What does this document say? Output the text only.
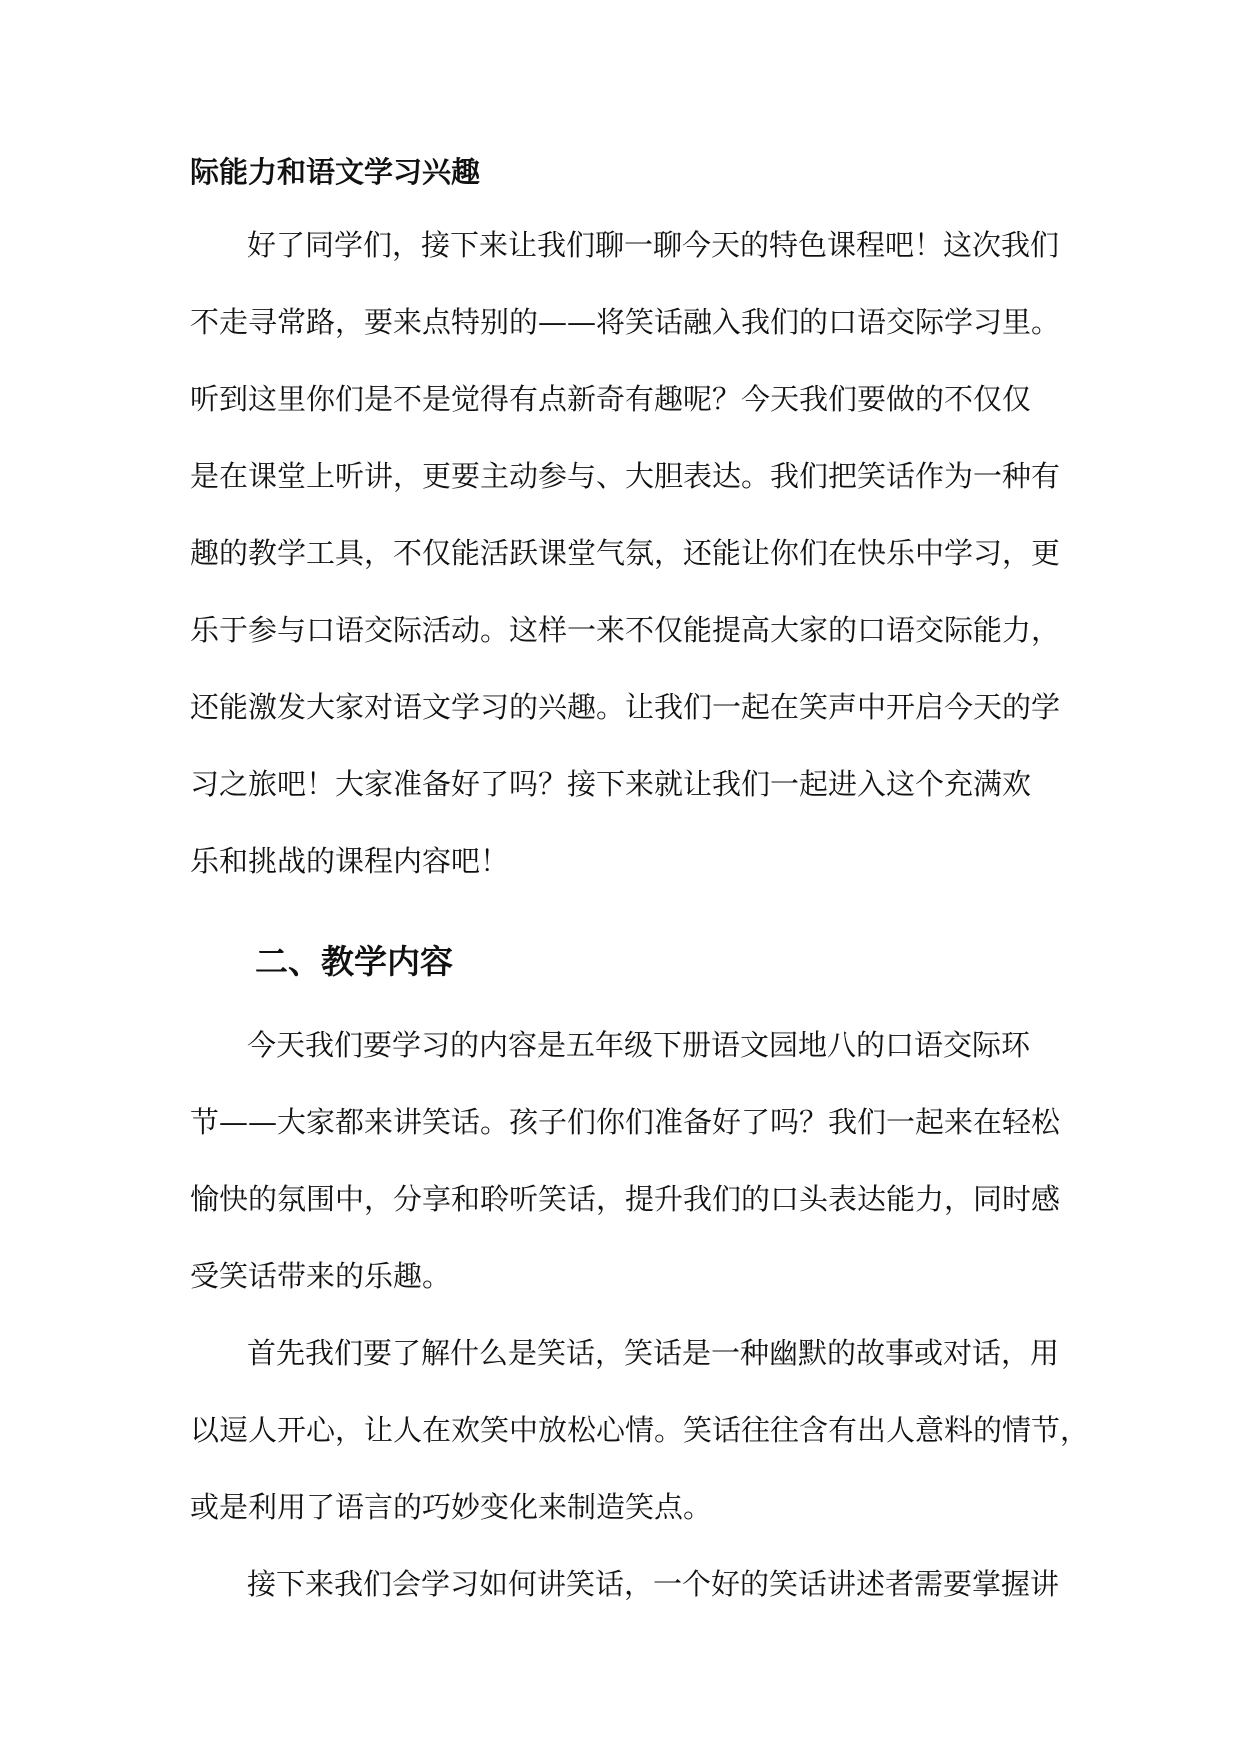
际能力和语文学习兴趣
好了同学们，接下来让我们聊一聊今天的特色课程吧！这次我们
不走寻常路，要来点特别的——将笑话融入我们的口语交际学习里。
听到这里你们是不是觉得有点新奇有趣呢？今天我们要做的不仅仅
是在课堂上听讲，更要主动参与、大胆表达。我们把笑话作为一种有
趣的教学工具，不仅能活跃课堂气氛，还能让你们在快乐中学习，更
乐于参与口语交际活动。这样一来不仅能提高大家的口语交际能力，
还能激发大家对语文学习的兴趣。让我们一起在笑声中开启今天的学
习之旅吧！大家准备好了吗？接下来就让我们一起进入这个充满欢
乐和挑战的课程内容吧！
二、教学内容
今天我们要学习的内容是五年级下册语文园地八的口语交际环
节——大家都来讲笑话。孩子们你们准备好了吗？我们一起来在轻松
愉快的氛围中，分享和聆听笑话，提升我们的口头表达能力，同时感
受笑话带来的乐趣。
首先我们要了解什么是笑话，笑话是一种幽默的故事或对话，用
以逗人开心，让人在欢笑中放松心情。笑话往往含有出人意料的情节，
或是利用了语言的巧妙变化来制造笑点。
接下来我们会学习如何讲笑话，一个好的笑话讲述者需要掌握讲
